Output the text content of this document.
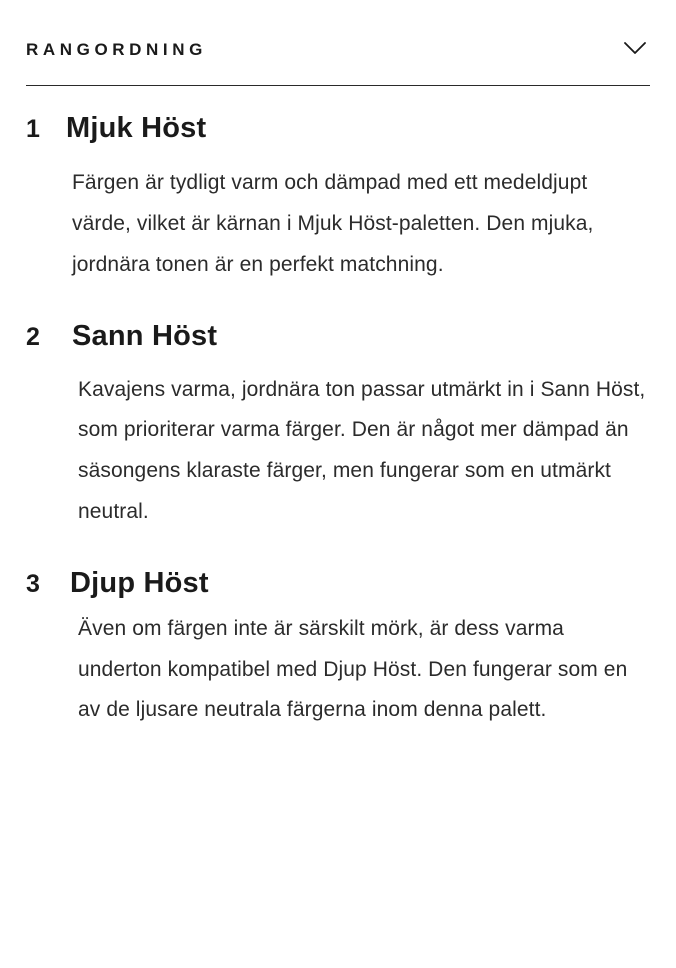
RANGORDNING
1 Mjuk Höst

Färgen är tydligt varm och dämpad med ett medeldjupt värde, vilket är kärnan i Mjuk Höst-paletten. Den mjuka, jordnära tonen är en perfekt matchning.

2 Sann Höst

Kavajens varma, jordnära ton passar utmärkt in i Sann Höst, som prioriterar varma färger. Den är något mer dämpad än säsongens klaraste färger, men fungerar som en utmärkt neutral.

3 Djup Höst

Även om färgen inte är särskilt mörk, är dess varma underton kompatibel med Djup Höst. Den fungerar som en av de ljusare neutrala färgerna inom denna palett.
